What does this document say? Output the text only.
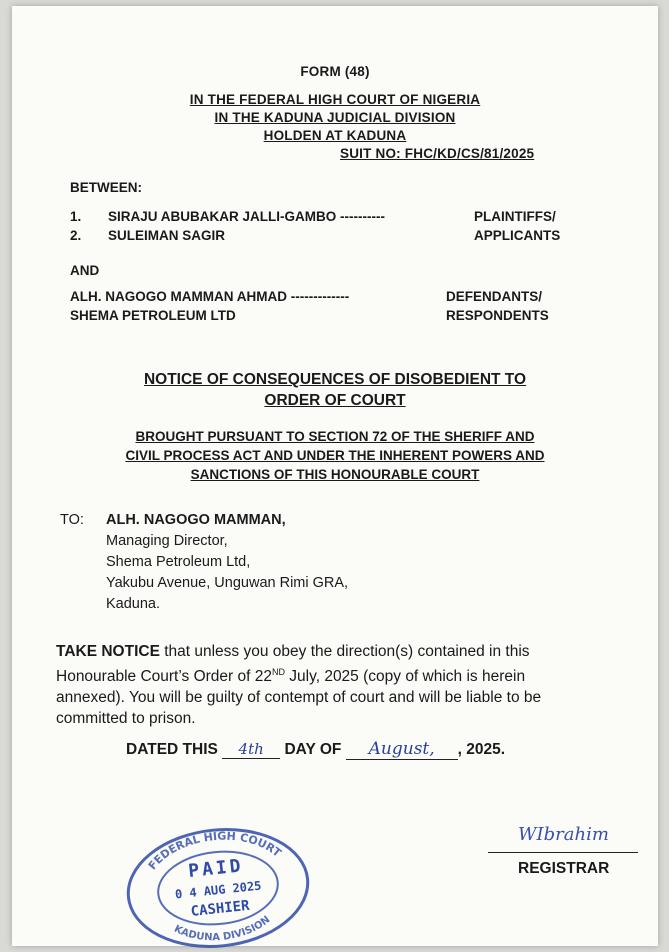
FORM (48)
IN THE FEDERAL HIGH COURT OF NIGERIA
IN THE KADUNA JUDICIAL DIVISION
HOLDEN AT KADUNA
SUIT NO: FHC/KD/CS/81/2025
BETWEEN:
1. SIRAJU ABUBAKAR JALLI-GAMBO ----------	PLAINTIFFS/
2. SULEIMAN SAGIR	APPLICANTS
AND
ALH. NAGOGO MAMMAN AHMAD -------------	DEFENDANTS/
SHEMA PETROLEUM LTD	RESPONDENTS
NOTICE OF CONSEQUENCES OF DISOBEDIENT TO
ORDER OF COURT
BROUGHT PURSUANT TO SECTION 72 OF THE SHERIFF AND
CIVIL PROCESS ACT AND UNDER THE INHERENT POWERS AND
SANCTIONS OF THIS HONOURABLE COURT
TO: ALH. NAGOGO MAMMAN,
Managing Director,
Shema Petroleum Ltd,
Yakubu Avenue, Unguwan Rimi GRA,
Kaduna.
TAKE NOTICE that unless you obey the direction(s) contained in this
Honourable Court’s Order of 22ND July, 2025 (copy of which is herein
annexed). You will be guilty of contempt of court and will be liable to be
committed to prison.
DATED THIS 4th DAY OF August, , 2025.
FEDERAL HIGH COURT
KADUNA DIVISION
PAID
0 4 AUG 2025
CASHIER
WIbrahim
REGISTRAR
